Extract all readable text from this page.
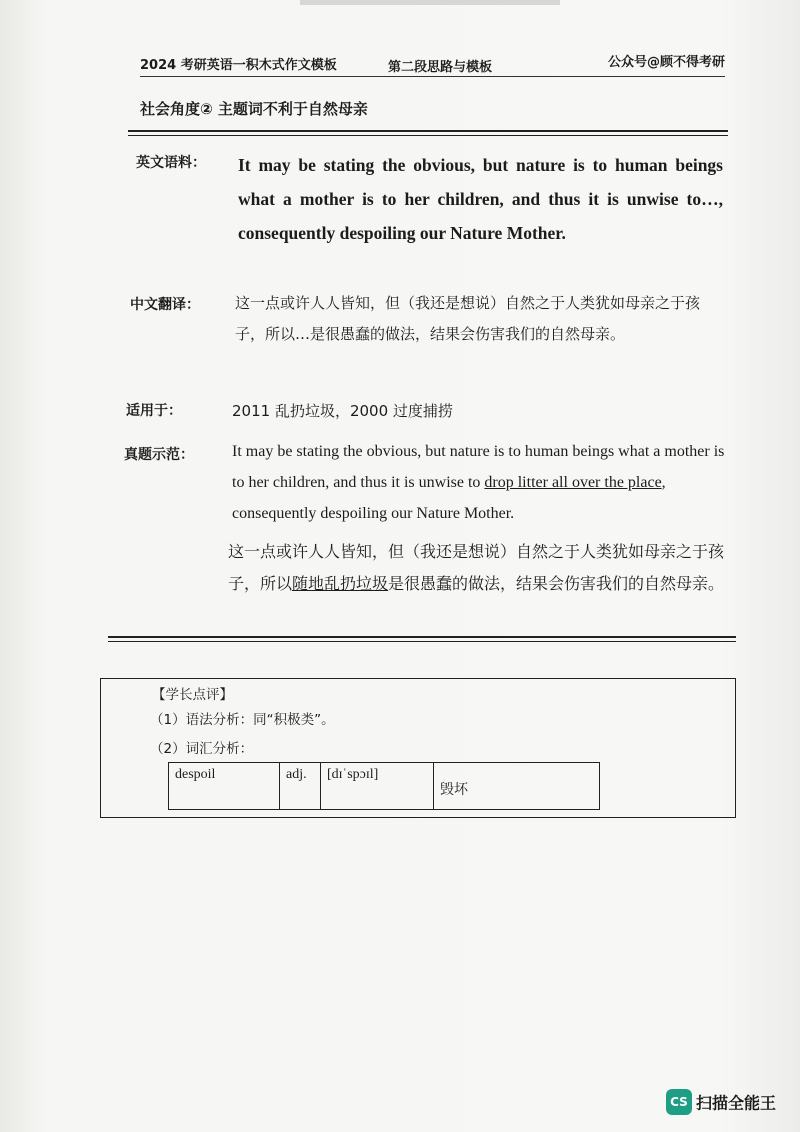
2024 考研英语一积木式作文模板	第二段思路与模板	公众号@顾不得考研
社会角度② 主题词不利于自然母亲
英文语料： It may be stating the obvious, but nature is to human beings what a mother is to her children, and thus it is unwise to…, consequently despoiling our Nature Mother.
中文翻译： 这一点或许人人皆知，但（我还是想说）自然之于人类犹如母亲之于孩子，所以…是很愚蠢的做法，结果会伤害我们的自然母亲。
适用于：	2011 乱扔垃圾，2000 过度捕捞
真题示范： It may be stating the obvious, but nature is to human beings what a mother is to her children, and thus it is unwise to drop litter all over the place, consequently despoiling our Nature Mother.
这一点或许人人皆知，但（我还是想说）自然之于人类犹如母亲之于孩子，所以随地乱扔垃圾是很愚蠢的做法，结果会伤害我们的自然母亲。
【学长点评】
（1）语法分析：同“积极类”。
（2）词汇分析：
despoil	adj.	[dɪˈspɔɪl]	毁坏
CS 扫描全能王
